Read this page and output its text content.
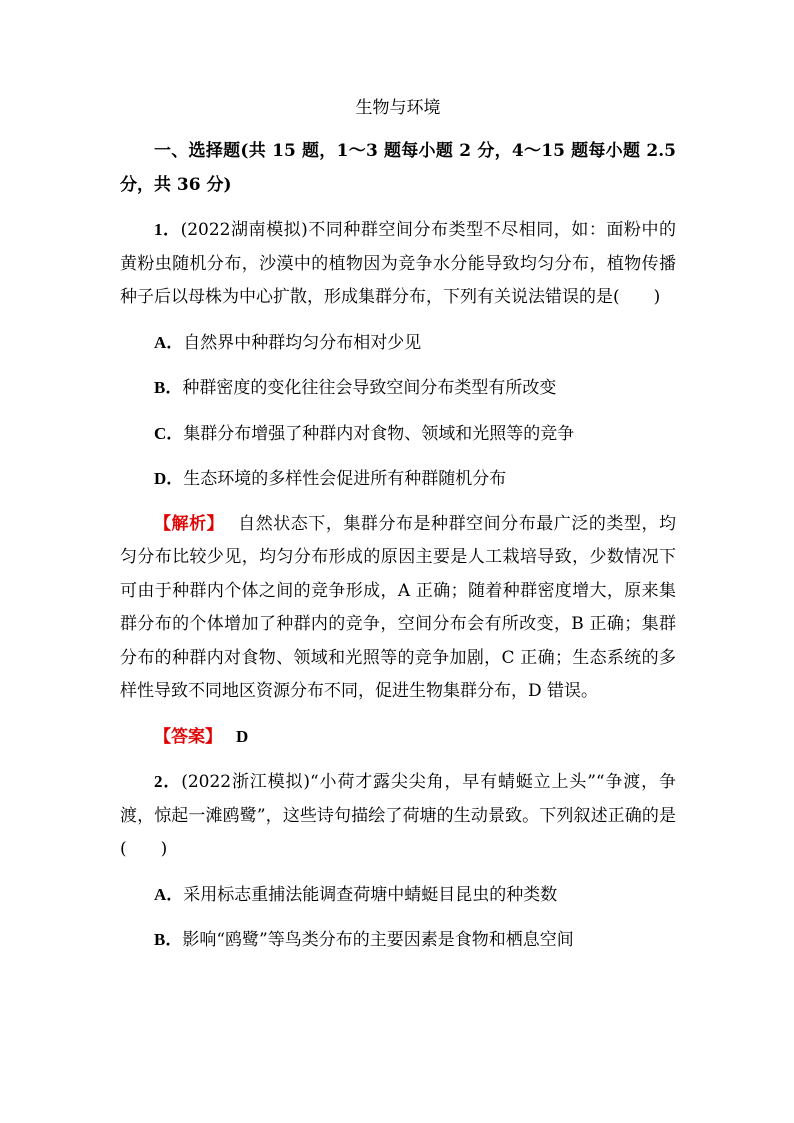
生物与环境

一、选择题(共 15 题，1～3 题每小题 2 分，4～15 题每小题 2.5 分，共 36 分)

1．(2022湖南模拟)不同种群空间分布类型不尽相同，如：面粉中的黄粉虫随机分布，沙漠中的植物因为竞争水分能导致均匀分布，植物传播种子后以母株为中心扩散，形成集群分布，下列有关说法错误的是(　　)

A．自然界中种群均匀分布相对少见
B．种群密度的变化往往会导致空间分布类型有所改变
C．集群分布增强了种群内对食物、领域和光照等的竞争
D．生态环境的多样性会促进所有种群随机分布

【解析】 自然状态下，集群分布是种群空间分布最广泛的类型，均匀分布比较少见，均匀分布形成的原因主要是人工栽培导致，少数情况下可由于种群内个体之间的竞争形成，A 正确；随着种群密度增大，原来集群分布的个体增加了种群内的竞争，空间分布会有所改变，B 正确；集群分布的种群内对食物、领域和光照等的竞争加剧，C 正确；生态系统的多样性导致不同地区资源分布不同，促进生物集群分布，D 错误。

【答案】 D

2．(2022浙江模拟)“小荷才露尖尖角，早有蜻蜓立上头”“争渡，争渡，惊起一滩鸥鹭”，这些诗句描绘了荷塘的生动景致。下列叙述正确的是(　　)

A．采用标志重捕法能调查荷塘中蜻蜓目昆虫的种类数
B．影响“鸥鹭”等鸟类分布的主要因素是食物和栖息空间
